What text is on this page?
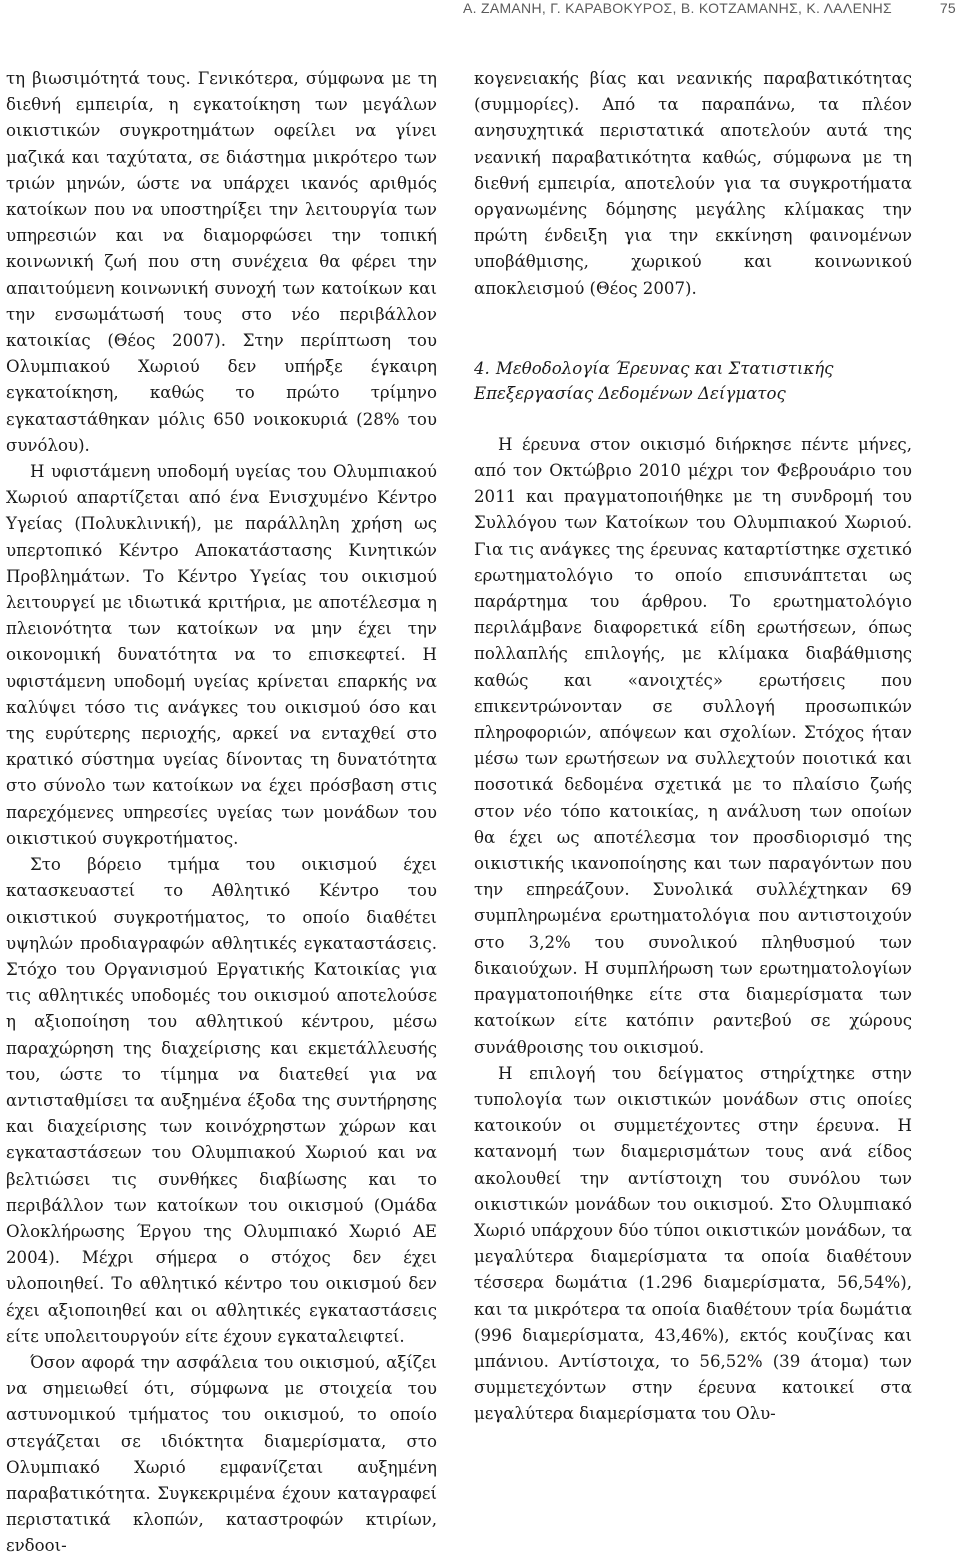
Α. ΖΑΜΑΝΗ, Γ. ΚΑΡΑΒΟΚΥΡΟΣ, Β. ΚΟΤΖΑΜΑΝΗΣ, Κ. ΛΑΛΕΝΗΣ	75

τη βιωσιμότητά τους. Γενικότερα, σύμφωνα με τη διεθνή εμπειρία, η εγκατοίκηση των μεγάλων οικιστικών συγκροτημάτων οφείλει να γίνει μαζικά και ταχύτατα, σε διάστημα μικρότερο των τριών μηνών, ώστε να υπάρχει ικανός αριθμός κατοίκων που να υποστηρίξει την λειτουργία των υπηρεσιών και να διαμορφώσει την τοπική κοινωνική ζωή που στη συνέχεια θα φέρει την απαιτούμενη κοινωνική συνοχή των κατοίκων και την ενσωμάτωσή τους στο νέο περιβάλλον κατοικίας (Θέος 2007). Στην περίπτωση του Ολυμπιακού Χωριού δεν υπήρξε έγκαιρη εγκατοίκηση, καθώς το πρώτο τρίμηνο εγκαταστάθηκαν μόλις 650 νοικοκυριά (28% του συνόλου).

Η υφιστάμενη υποδομή υγείας του Ολυμπιακού Χωριού απαρτίζεται από ένα Ενισχυμένο Κέντρο Υγείας (Πολυκλινική), με παράλληλη χρήση ως υπερτοπικό Κέντρο Αποκατάστασης Κινητικών Προβλημάτων. Το Κέντρο Υγείας του οικισμού λειτουργεί με ιδιωτικά κριτήρια, με αποτέλεσμα η πλειονότητα των κατοίκων να μην έχει την οικονομική δυνατότητα να το επισκεφτεί. Η υφιστάμενη υποδομή υγείας κρίνεται επαρκής να καλύψει τόσο τις ανάγκες του οικισμού όσο και της ευρύτερης περιοχής, αρκεί να ενταχθεί στο κρατικό σύστημα υγείας δίνοντας τη δυνατότητα στο σύνολο των κατοίκων να έχει πρόσβαση στις παρεχόμενες υπηρεσίες υγείας των μονάδων του οικιστικού συγκροτήματος.

Στο βόρειο τμήμα του οικισμού έχει κατασκευαστεί το Αθλητικό Κέντρο του οικιστικού συγκροτήματος, το οποίο διαθέτει υψηλών προδιαγραφών αθλητικές εγκαταστάσεις. Στόχο του Οργανισμού Εργατικής Κατοικίας για τις αθλητικές υποδομές του οικισμού αποτελούσε η αξιοποίηση του αθλητικού κέντρου, μέσω παραχώρηση της διαχείρισης και εκμετάλλευσής του, ώστε το τίμημα να διατεθεί για να αντισταθμίσει τα αυξημένα έξοδα της συντήρησης και διαχείρισης των κοινόχρηστων χώρων και εγκαταστάσεων του Ολυμπιακού Χωριού και να βελτιώσει τις συνθήκες διαβίωσης και το περιβάλλον των κατοίκων του οικισμού (Ομάδα Ολοκλήρωσης Έργου της Ολυμπιακό Χωριό ΑΕ 2004). Μέχρι σήμερα ο στόχος δεν έχει υλοποιηθεί. Το αθλητικό κέντρο του οικισμού δεν έχει αξιοποιηθεί και οι αθλητικές εγκαταστάσεις είτε υπολειτουργούν είτε έχουν εγκαταλειφτεί.

Όσον αφορά την ασφάλεια του οικισμού, αξίζει να σημειωθεί ότι, σύμφωνα με στοιχεία του αστυνομικού τμήματος του οικισμού, το οποίο στεγάζεται σε ιδιόκτητα διαμερίσματα, στο Ολυμπιακό Χωριό εμφανίζεται αυξημένη παραβατικότητα. Συγκεκριμένα έχουν καταγραφεί περιστατικά κλοπών, καταστροφών κτιρίων, ενδοοι-

κογενειακής βίας και νεανικής παραβατικότητας (συμμορίες). Από τα παραπάνω, τα πλέον ανησυχητικά περιστατικά αποτελούν αυτά της νεανική παραβατικότητα καθώς, σύμφωνα με τη διεθνή εμπειρία, αποτελούν για τα συγκροτήματα οργανωμένης δόμησης μεγάλης κλίμακας την πρώτη ένδειξη για την εκκίνηση φαινομένων υποβάθμισης, χωρικού και κοινωνικού αποκλεισμού (Θέος 2007).

4. Μεθοδολογία Έρευνας και Στατιστικής Επεξεργασίας Δεδομένων Δείγματος

Η έρευνα στον οικισμό διήρκησε πέντε μήνες, από τον Οκτώβριο 2010 μέχρι τον Φεβρουάριο του 2011 και πραγματοποιήθηκε με τη συνδρομή του Συλλόγου των Κατοίκων του Ολυμπιακού Χωριού. Για τις ανάγκες της έρευνας καταρτίστηκε σχετικό ερωτηματολόγιο το οποίο επισυνάπτεται ως παράρτημα του άρθρου. Το ερωτηματολόγιο περιλάμβανε διαφορετικά είδη ερωτήσεων, όπως πολλαπλής επιλογής, με κλίμακα διαβάθμισης καθώς και «ανοιχτές» ερωτήσεις που επικεντρώνονταν σε συλλογή προσωπικών πληροφοριών, απόψεων και σχολίων. Στόχος ήταν μέσω των ερωτήσεων να συλλεχτούν ποιοτικά και ποσοτικά δεδομένα σχετικά με το πλαίσιο ζωής στον νέο τόπο κατοικίας, η ανάλυση των οποίων θα έχει ως αποτέλεσμα τον προσδιορισμό της οικιστικής ικανοποίησης και των παραγόντων που την επηρεάζουν. Συνολικά συλλέχτηκαν 69 συμπληρωμένα ερωτηματολόγια που αντιστοιχούν στο 3,2% του συνολικού πληθυσμού των δικαιούχων. Η συμπλήρωση των ερωτηματολογίων πραγματοποιήθηκε είτε στα διαμερίσματα των κατοίκων είτε κατόπιν ραντεβού σε χώρους συνάθροισης του οικισμού.

Η επιλογή του δείγματος στηρίχτηκε στην τυπολογία των οικιστικών μονάδων στις οποίες κατοικούν οι συμμετέχοντες στην έρευνα. Η κατανομή των διαμερισμάτων τους ανά είδος ακολουθεί την αντίστοιχη του συνόλου των οικιστικών μονάδων του οικισμού. Στο Ολυμπιακό Χωριό υπάρχουν δύο τύποι οικιστικών μονάδων, τα μεγαλύτερα διαμερίσματα τα οποία διαθέτουν τέσσερα δωμάτια (1.296 διαμερίσματα, 56,54%), και τα μικρότερα τα οποία διαθέτουν τρία δωμάτια (996 διαμερίσματα, 43,46%), εκτός κουζίνας και μπάνιου. Αντίστοιχα, το 56,52% (39 άτομα) των συμμετεχόντων στην έρευνα κατοικεί στα μεγαλύτερα διαμερίσματα του Ολυ-
